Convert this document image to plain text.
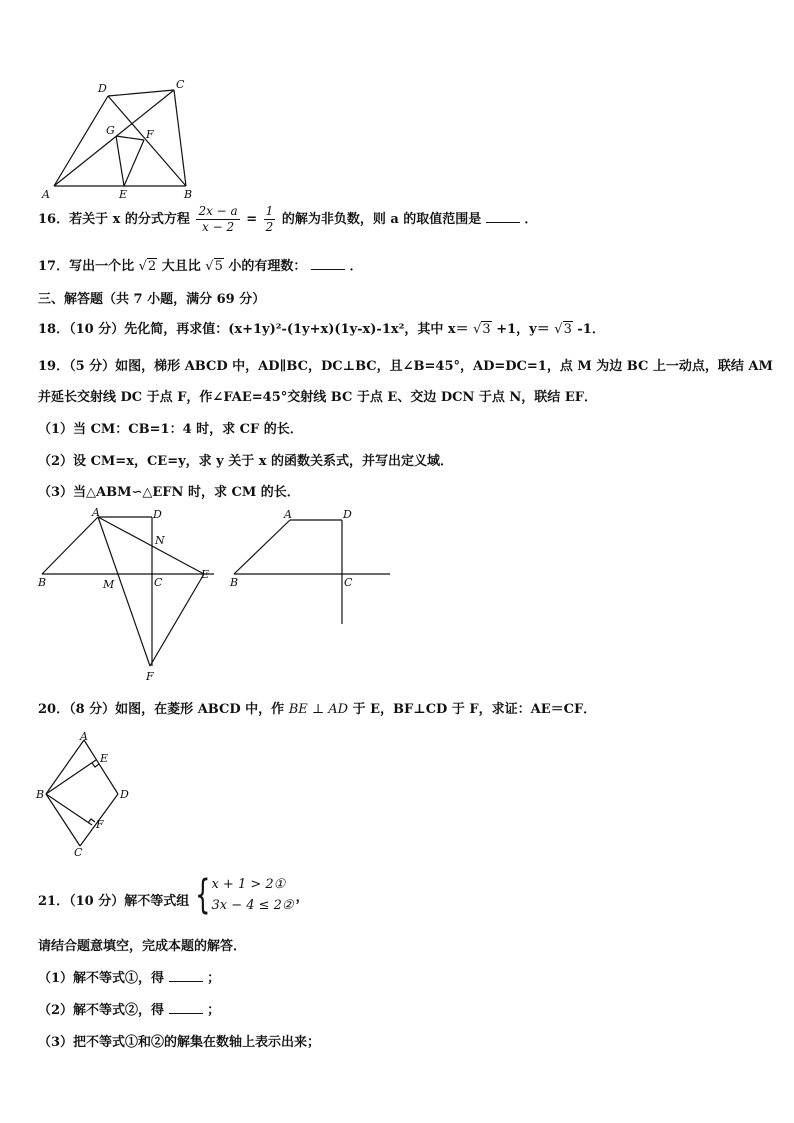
D	C
G	F
A	E	B
16．若关于 x 的分式方程 $\frac{2x - a}{x - 2} = \frac{1}{2}$ 的解为非负数，则 a 的取值范围是	．
17．写出一个比 √2 大且比 √5 小的有理数：	．
三、解答题（共 7 小题，满分 69 分）
18．（10 分）先化简，再求值：(x+1y)²-(1y+x)(1y-x)-1x²，其中 x＝ √3 +1，y＝ √3 -1．
19．（5 分）如图，梯形 ABCD 中，AD∥BC，DC⊥BC，且∠B=45°，AD=DC=1，点 M 为边 BC 上一动点，联结 AM
并延长交射线 DC 于点 F，作∠FAE=45°交射线 BC 于点 E、交边 DCN 于点 N，联结 EF．
（1）当 CM：CB=1：4 时，求 CF 的长．
（2）设 CM=x，CE=y，求 y 关于 x 的函数关系式，并写出定义域．
（3）当△ABM∽△EFN 时，求 CM 的长．
A	D
N
B	M	C
E
F
A	D
B	C
20．（8 分）如图，在菱形 ABCD 中，作 BE ⊥ AD 于 E，BF⊥CD 于 F，求证：AE＝CF．
A
E
B	D
F
C
21．（10 分）解不等式组 { x + 1 > 2①
3x − 4 ≤ 2②
，
请结合题意填空，完成本题的解答．
（1）解不等式①，得	；
（2）解不等式②，得	；
（3）把不等式①和②的解集在数轴上表示出来；
